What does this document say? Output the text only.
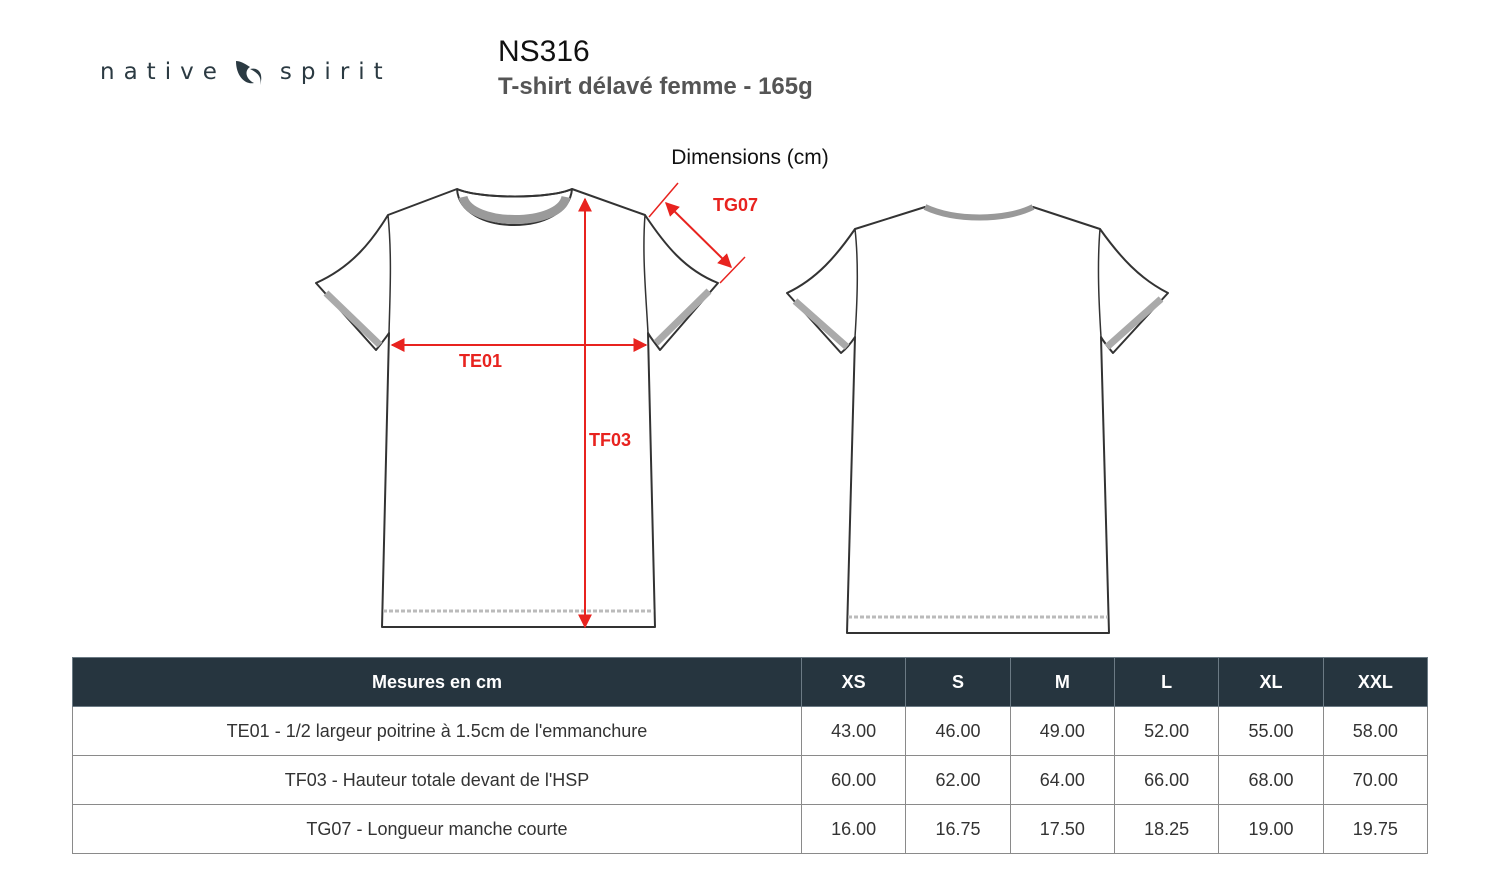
native spirit
NS316
T-shirt délavé femme - 165g
Dimensions (cm)
TE01
TF03
TG07
Mesures en cm	XS	S	M	L	XL	XXL
TE01 - 1/2 largeur poitrine à 1.5cm de l'emmanchure	43.00	46.00	49.00	52.00	55.00	58.00
TF03 - Hauteur totale devant de l'HSP	60.00	62.00	64.00	66.00	68.00	70.00
TG07 - Longueur manche courte	16.00	16.75	17.50	18.25	19.00	19.75
